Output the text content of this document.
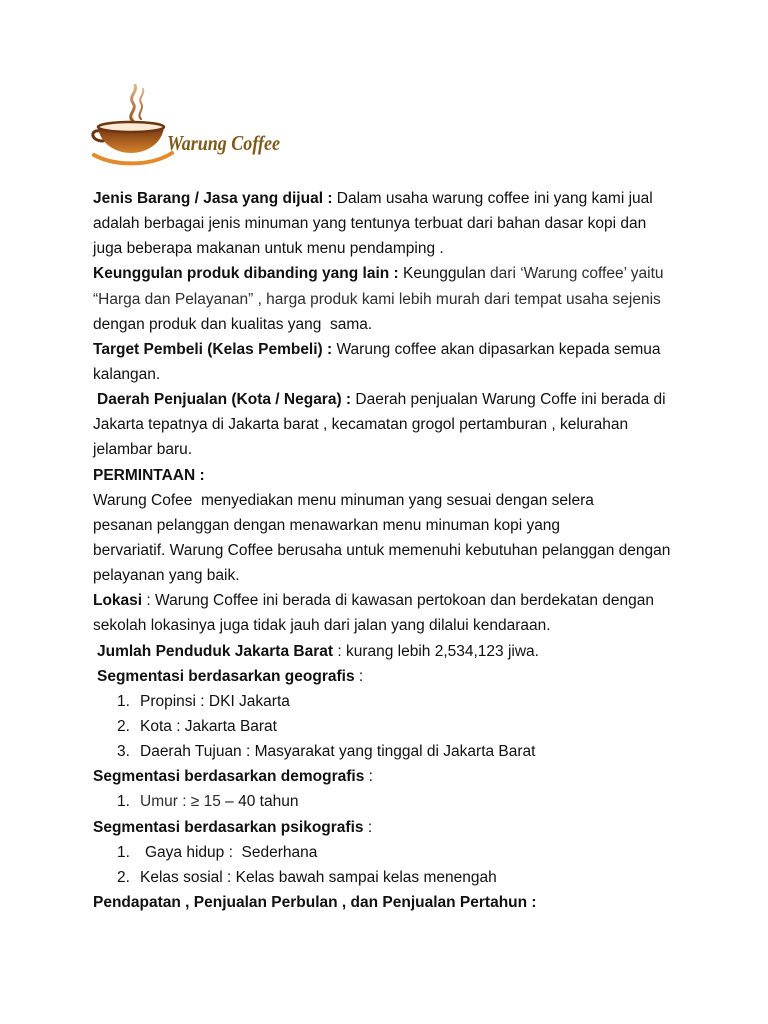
Warung Coffee

Jenis Barang / Jasa yang dijual : Dalam usaha warung coffee ini yang kami jual
adalah berbagai jenis minuman yang tentunya terbuat dari bahan dasar kopi dan
juga beberapa makanan untuk menu pendamping .

Keunggulan produk dibanding yang lain : Keunggulan dari ‘Warung coffee’ yaitu
“Harga dan Pelayanan” , harga produk kami lebih murah dari tempat usaha sejenis
dengan produk dan kualitas yang  sama.

Target Pembeli (Kelas Pembeli) : Warung coffee akan dipasarkan kepada semua
kalangan.

Daerah Penjualan (Kota / Negara) : Daerah penjualan Warung Coffe ini berada di
Jakarta tepatnya di Jakarta barat , kecamatan grogol pertamburan , kelurahan
jelambar baru.

PERMINTAAN :

Warung Cofee  menyediakan menu minuman yang sesuai dengan selera
pesanan pelanggan dengan menawarkan menu minuman kopi yang
bervariatif. Warung Coffee berusaha untuk memenuhi kebutuhan pelanggan dengan
pelayanan yang baik.

Lokasi : Warung Coffee ini berada di kawasan pertokoan dan berdekatan dengan
sekolah lokasinya juga tidak jauh dari jalan yang dilalui kendaraan.

Jumlah Penduduk Jakarta Barat : kurang lebih 2,534,123 jiwa.

Segmentasi berdasarkan geografis :

1. Propinsi : DKI Jakarta
2. Kota : Jakarta Barat
3. Daerah Tujuan : Masyarakat yang tinggal di Jakarta Barat

Segmentasi berdasarkan demografis :

1. Umur : ≥ 15 – 40 tahun

Segmentasi berdasarkan psikografis :

1. Gaya hidup :  Sederhana
2. Kelas sosial : Kelas bawah sampai kelas menengah

Pendapatan , Penjualan Perbulan , dan Penjualan Pertahun :
